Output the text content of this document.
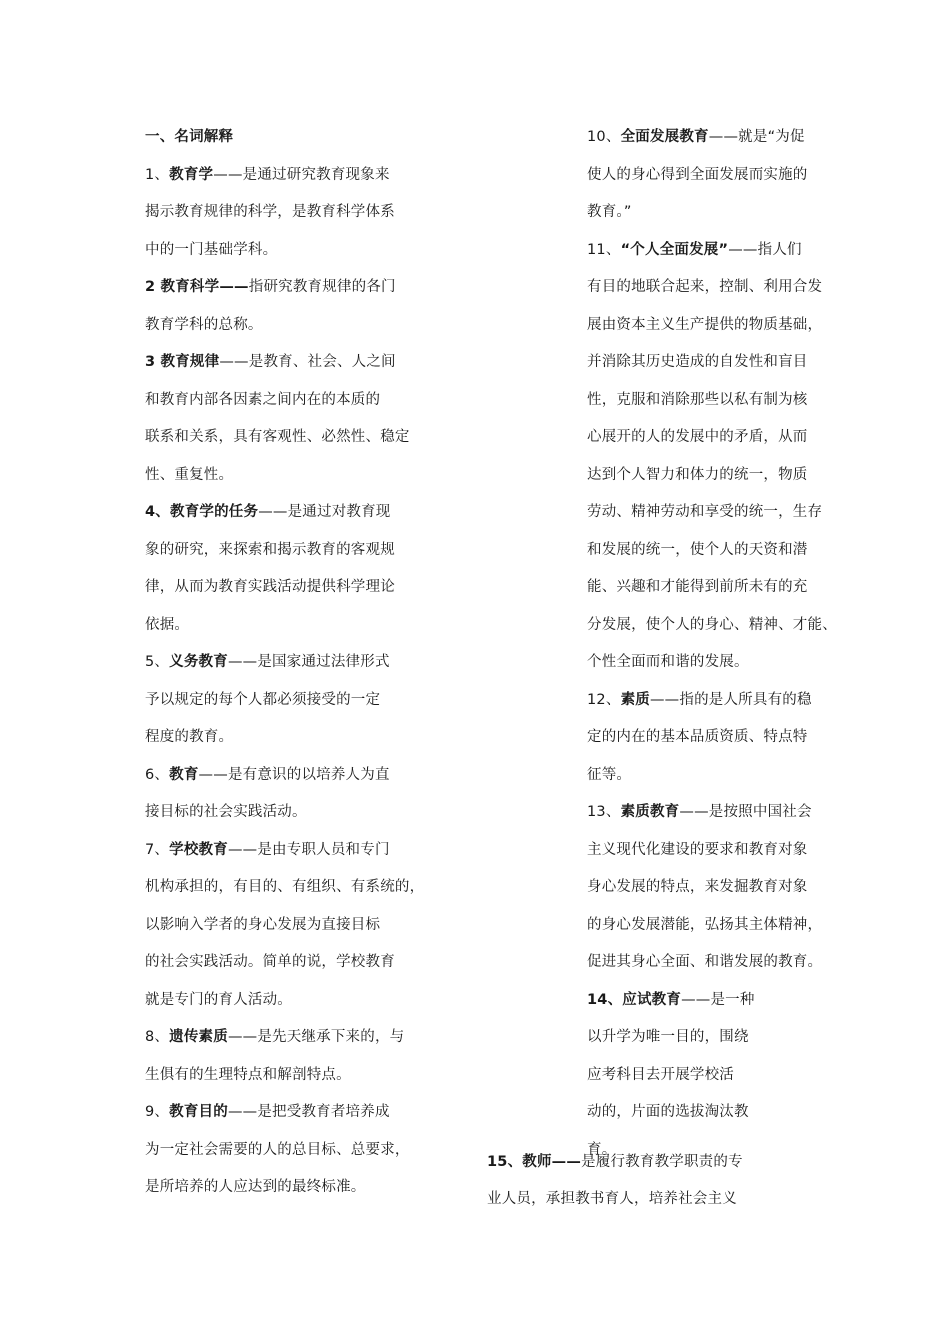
一、名词解释
1、教育学——是通过研究教育现象来
揭示教育规律的科学，是教育科学体系
中的一门基础学科。
2 教育科学——指研究教育规律的各门
教育学科的总称。
3 教育规律——是教育、社会、人之间
和教育内部各因素之间内在的本质的
联系和关系，具有客观性、必然性、稳定
性、重复性。
4、教育学的任务——是通过对教育现
象的研究，来探索和揭示教育的客观规
律，从而为教育实践活动提供科学理论
依据。
5、义务教育——是国家通过法律形式
予以规定的每个人都必须接受的一定
程度的教育。
6、教育——是有意识的以培养人为直
接目标的社会实践活动。
7、学校教育——是由专职人员和专门
机构承担的，有目的、有组织、有系统的，
以影响入学者的身心发展为直接目标
的社会实践活动。简单的说，学校教育
就是专门的育人活动。
8、遗传素质——是先天继承下来的，与
生俱有的生理特点和解剖特点。
9、教育目的——是把受教育者培养成
为一定社会需要的人的总目标、总要求，
是所培养的人应达到的最终标准。
10、全面发展教育——就是“为促
使人的身心得到全面发展而实施的
教育。”
11、“个人全面发展”——指人们
有目的地联合起来，控制、利用合发
展由资本主义生产提供的物质基础，
并消除其历史造成的自发性和盲目
性，克服和消除那些以私有制为核
心展开的人的发展中的矛盾，从而
达到个人智力和体力的统一，物质
劳动、精神劳动和享受的统一，生存
和发展的统一，使个人的天资和潜
能、兴趣和才能得到前所未有的充
分发展，使个人的身心、精神、才能、
个性全面而和谐的发展。
12、素质——指的是人所具有的稳
定的内在的基本品质资质、特点特
征等。
13、素质教育——是按照中国社会
主义现代化建设的要求和教育对象
身心发展的特点，来发掘教育对象
的身心发展潜能，弘扬其主体精神，
促进其身心全面、和谐发展的教育。
14、应试教育——是一种
以升学为唯一目的，围绕
应考科目去开展学校活
动的，片面的选拔淘汰教
育。
15、教师——是履行教育教学职责的专
业人员，承担教书育人，培养社会主义
